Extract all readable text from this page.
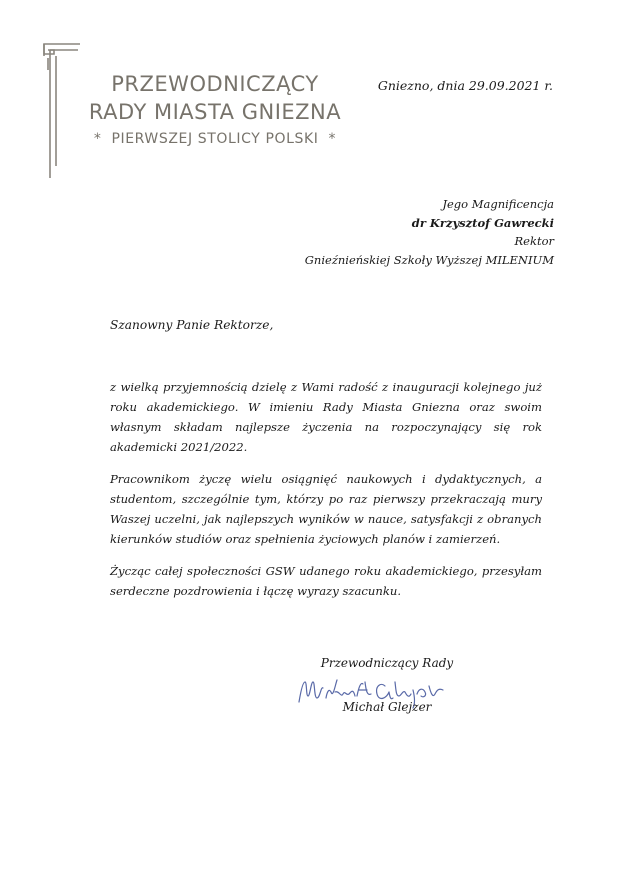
PRZEWODNICZĄCY
RADY MIASTA GNIEZNA
* PIERWSZEJ STOLICY POLSKI *
Gniezno, dnia 29.09.2021 r.
Jego Magnificencja
dr Krzysztof Gawrecki
Rektor
Gnieźnieńskiej Szkoły Wyższej MILENIUM
Szanowny Panie Rektorze,

z wielką przyjemnością dzielę z Wami radość z inauguracji kolejnego już roku akademickiego. W imieniu Rady Miasta Gniezna oraz swoim własnym składam najlepsze życzenia na rozpoczynający się rok akademicki 2021/2022.

Pracownikom życzę wielu osiągnięć naukowych i dydaktycznych, a studentom, szczególnie tym, którzy po raz pierwszy przekraczają mury Waszej uczelni, jak najlepszych wyników w nauce, satysfakcji z obranych kierunków studiów oraz spełnienia życiowych planów i zamierzeń.

Życząc całej społeczności GSW udanego roku akademickiego, przesyłam serdeczne pozdrowienia i łączę wyrazy szacunku.

Przewodniczący Rady
Michał Glejzer
